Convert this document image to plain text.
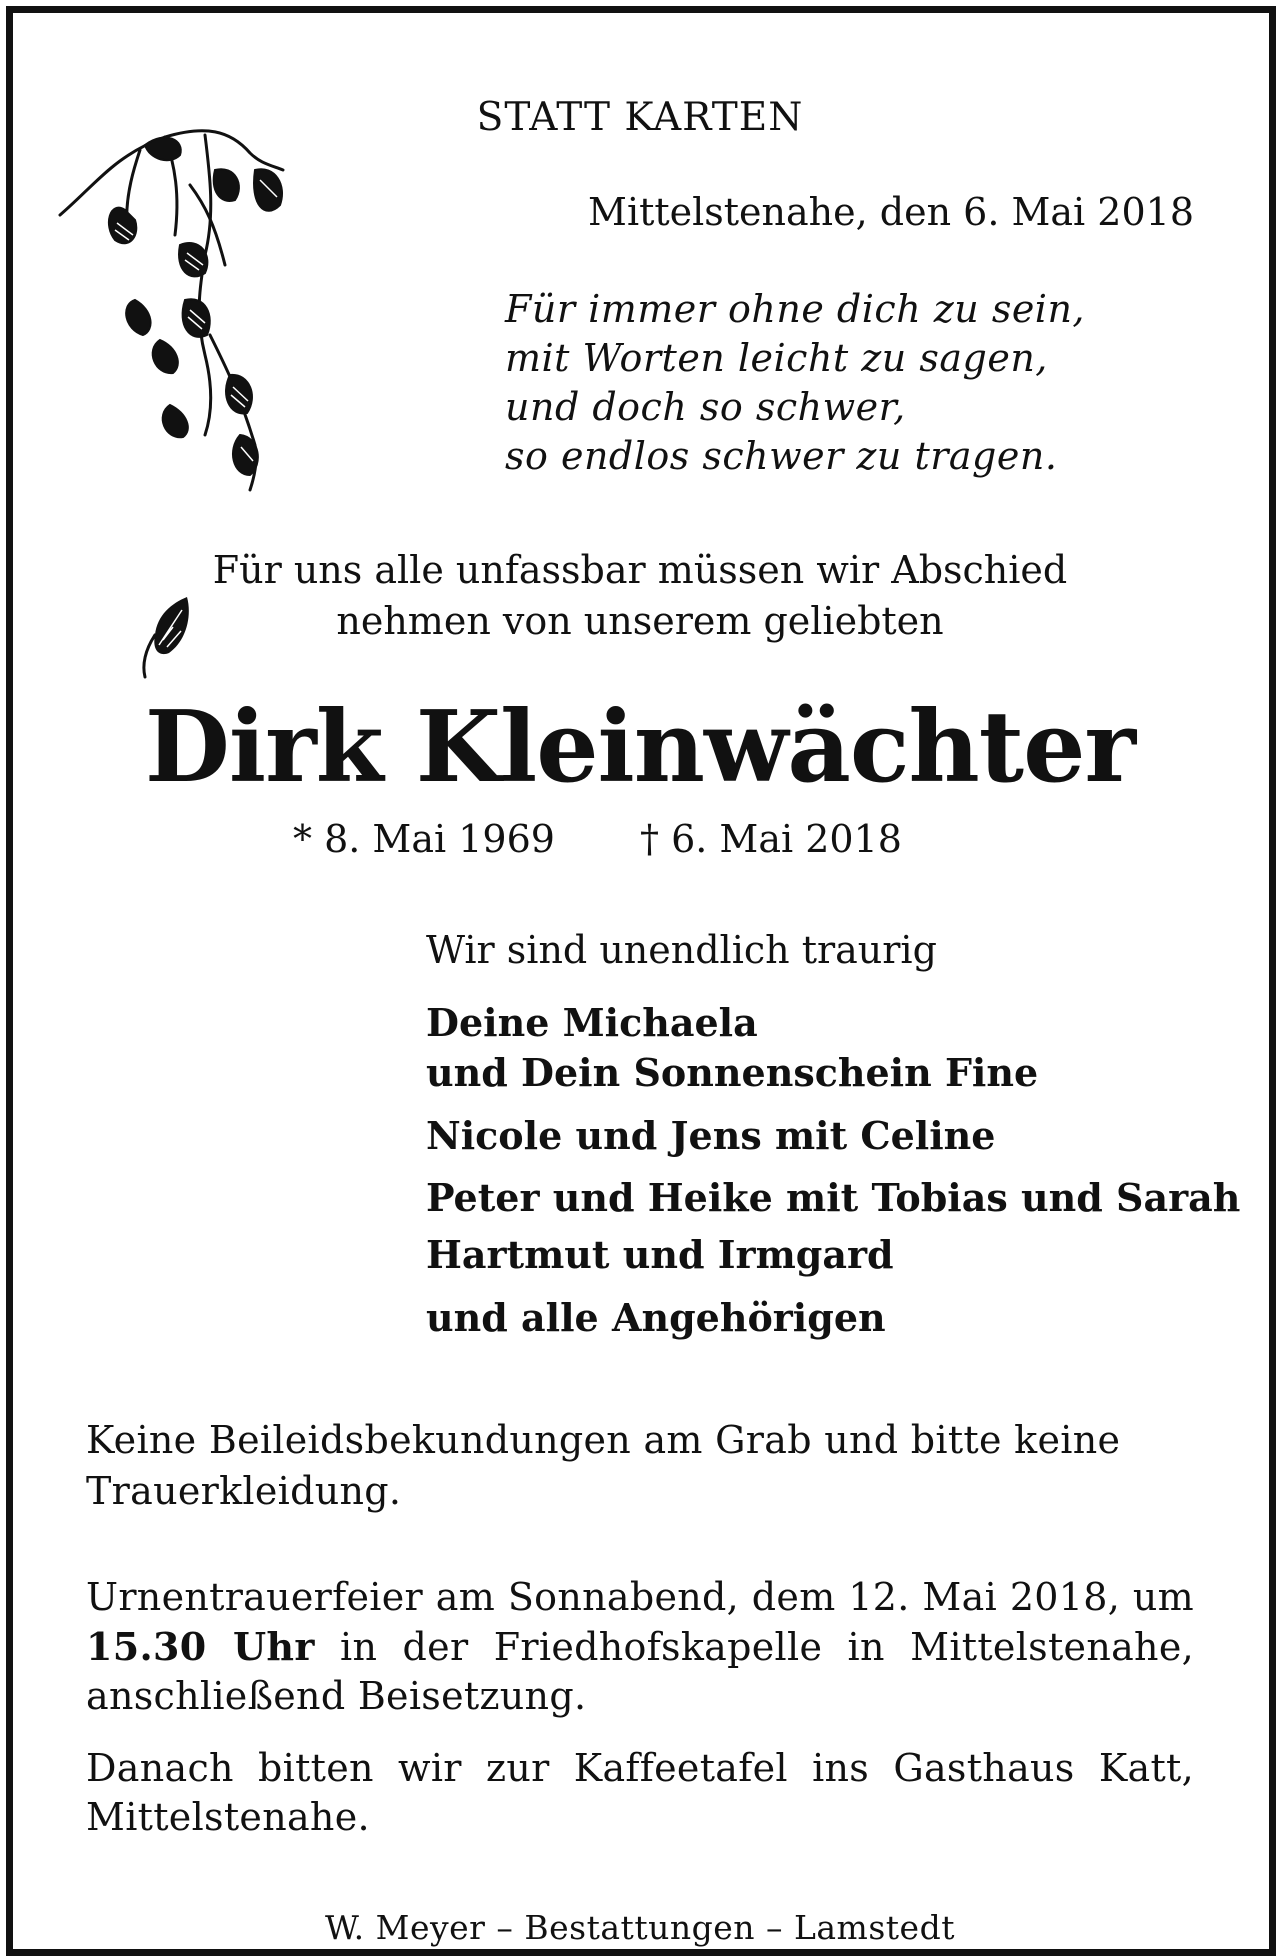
STATT KARTEN
Mittelstenahe, den 6. Mai 2018
Für immer ohne dich zu sein,
mit Worten leicht zu sagen,
und doch so schwer,
so endlos schwer zu tragen.
Für uns alle unfassbar müssen wir Abschied
nehmen von unserem geliebten
Dirk Kleinwächter
* 8. Mai 1969 † 6. Mai 2018
Wir sind unendlich traurig
Deine Michaela
und Dein Sonnenschein Fine
Nicole und Jens mit Celine
Peter und Heike mit Tobias und Sarah
Hartmut und Irmgard
und alle Angehörigen
Keine Beileidsbekundungen am Grab und bitte keine
Trauerkleidung.
Urnentrauerfeier am Sonnabend, dem 12. Mai 2018, um
15.30 Uhr in der Friedhofskapelle in Mittelstenahe,
anschließend Beisetzung.
Danach bitten wir zur Kaffeetafel ins Gasthaus Katt,
Mittelstenahe.
W. Meyer – Bestattungen – Lamstedt
